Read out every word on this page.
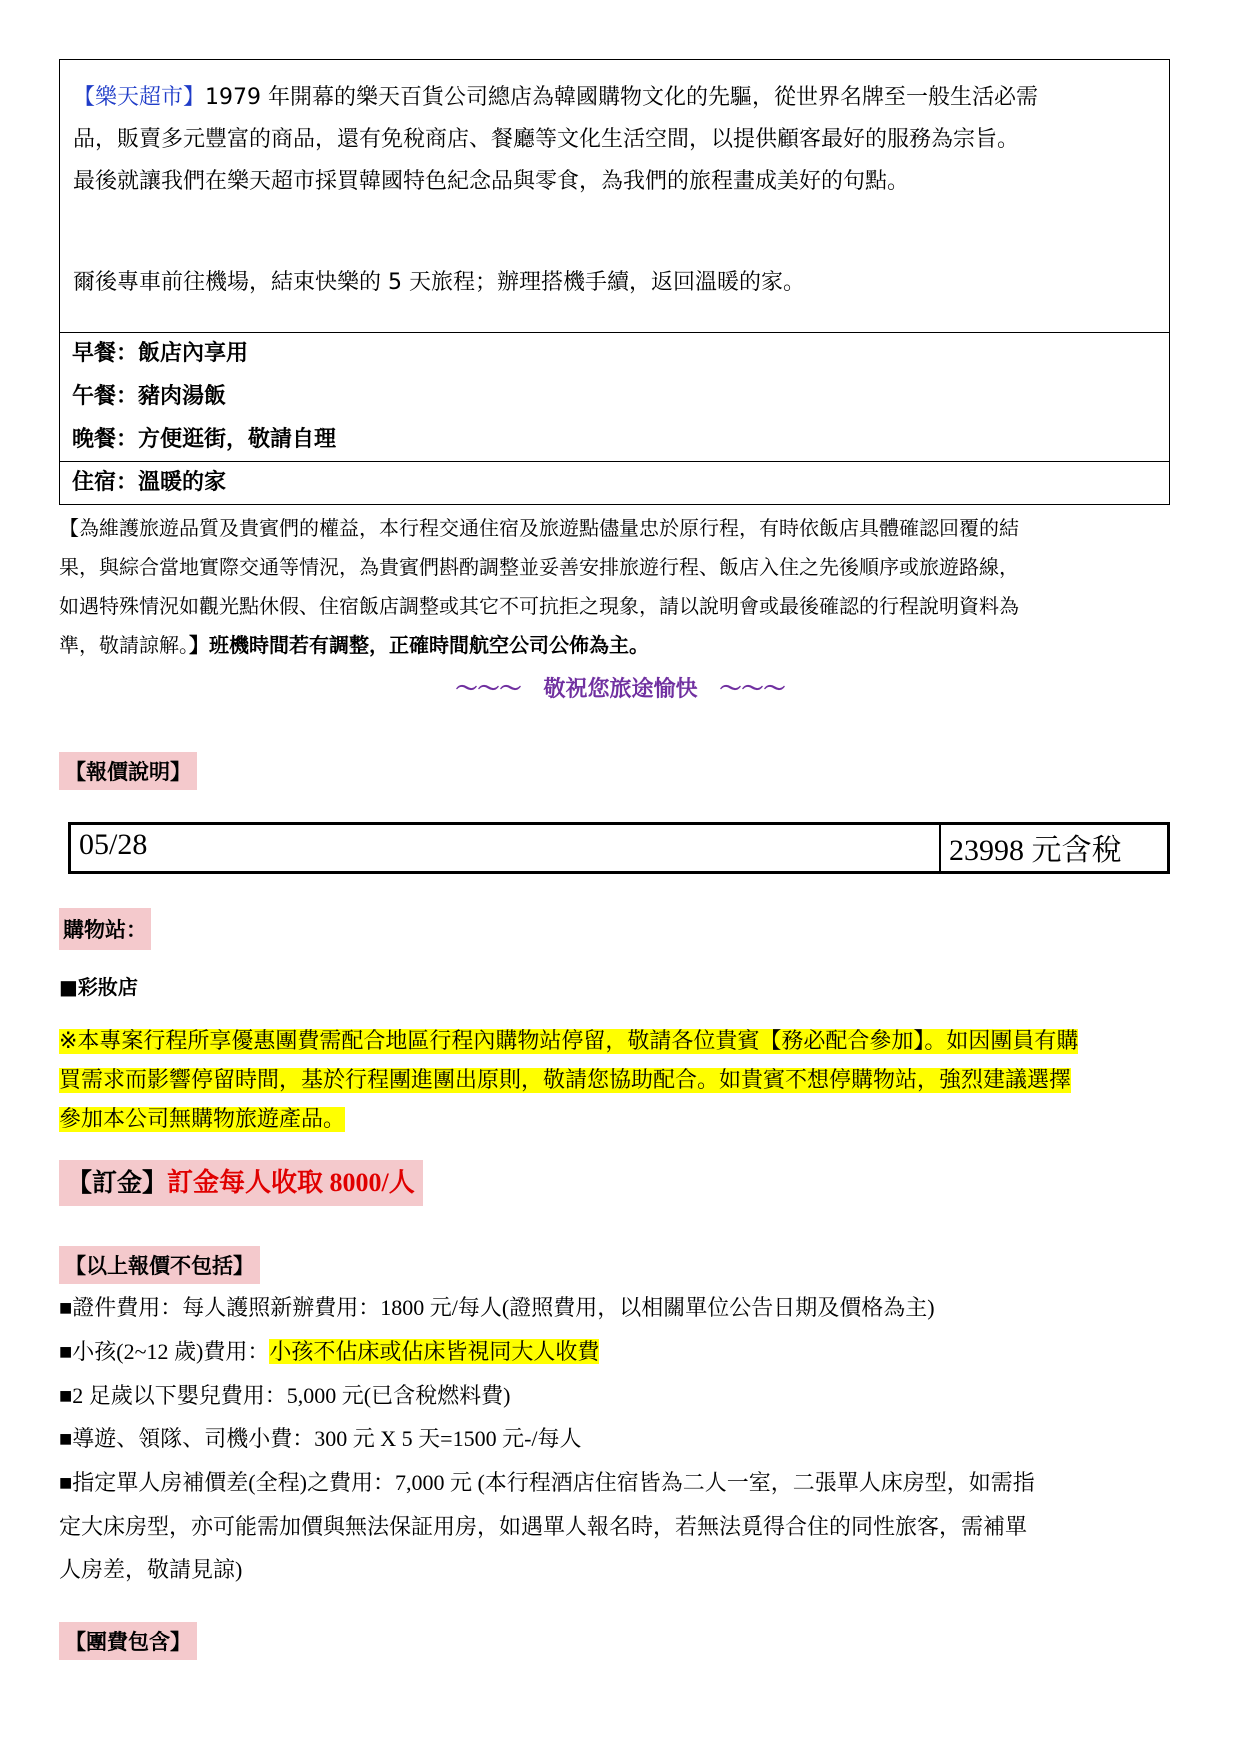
【樂天超市】1979 年開幕的樂天百貨公司總店為韓國購物文化的先驅，從世界名牌至一般生活必需
品，販賣多元豐富的商品，還有免稅商店、餐廳等文化生活空間，以提供顧客最好的服務為宗旨。
最後就讓我們在樂天超市採買韓國特色紀念品與零食，為我們的旅程畫成美好的句點。
爾後專車前往機場，結束快樂的 5 天旅程；辦理搭機手續，返回溫暖的家。
早餐：飯店內享用
午餐：豬肉湯飯
晚餐：方便逛街，敬請自理
住宿：溫暖的家
【為維護旅遊品質及貴賓們的權益，本行程交通住宿及旅遊點儘量忠於原行程，有時依飯店具體確認回覆的結
果，與綜合當地實際交通等情況，為貴賓們斟酌調整並妥善安排旅遊行程、飯店入住之先後順序或旅遊路線，
如遇特殊情況如觀光點休假、住宿飯店調整或其它不可抗拒之現象，請以說明會或最後確認的行程說明資料為
準，敬請諒解。】班機時間若有調整，正確時間航空公司公佈為主。
～～～　敬祝您旅途愉快　～～～
【報價說明】
05/28	23998 元含稅
購物站：
■彩妝店
※本專案行程所享優惠團費需配合地區行程內購物站停留，敬請各位貴賓【務必配合參加】。如因團員有購
買需求而影響停留時間，基於行程團進團出原則，敬請您協助配合。如貴賓不想停購物站，強烈建議選擇
參加本公司無購物旅遊產品。
【訂金】訂金每人收取 8000/人
【以上報價不包括】
■證件費用：每人護照新辦費用：1800 元/每人(證照費用，以相關單位公告日期及價格為主)
■小孩(2~12 歲)費用：小孩不佔床或佔床皆視同大人收費
■2 足歲以下嬰兒費用：5,000 元(已含稅燃料費)
■導遊、領隊、司機小費：300 元 X 5 天=1500 元-/每人
■指定單人房補價差(全程)之費用：7,000 元 (本行程酒店住宿皆為二人一室，二張單人床房型，如需指
定大床房型，亦可能需加價與無法保証用房，如遇單人報名時，若無法覓得合住的同性旅客，需補單
人房差，敬請見諒)
【團費包含】
